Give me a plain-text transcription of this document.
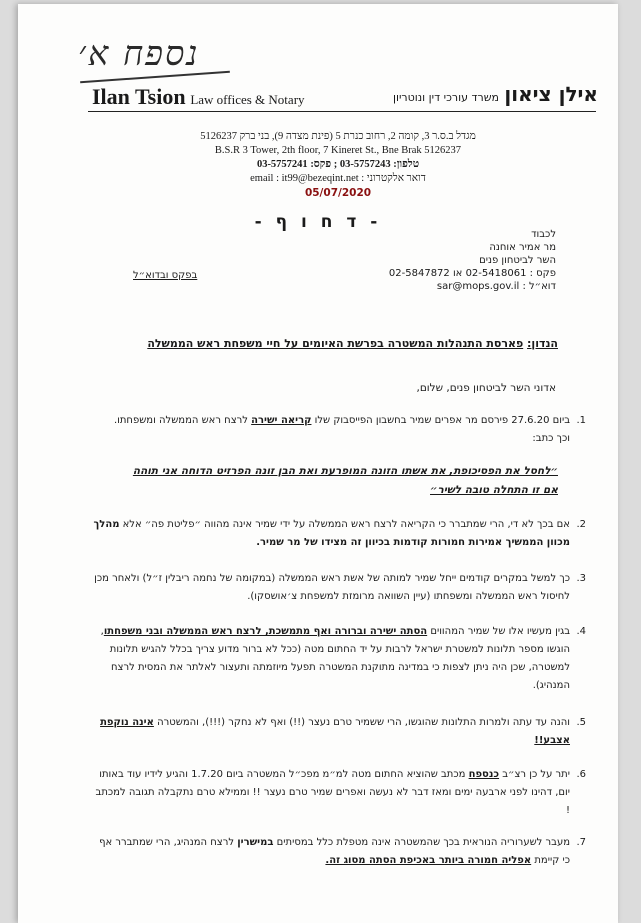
נספח א׳
Ilan Tsion Law offices & Notary	אילן ציאון משרד עורכי דין ונוטריון
מגדל ב.ס.ר 3, קומה 2, רחוב כנרת 5 (פינת מצדה 9), בני ברק 5126237
B.S.R 3 Tower, 2th floor, 7 Kineret St., Bne Brak 5126237
טלפון: 03-5757243 ; פקס: 03-5757241
email : it99@bezeqint.net : דואר אלקטרוני
05/07/2020
- ד ח ו ף -
לכבוד
מר אמיר אוחנה
השר לביטחון פנים
פקס : 02-5418061 או 02-5847872
דוא״ל : sar@mops.gov.il
בפקס ובדוא״ל
הנדון: פארסת התנהלות המשטרה בפרשת האיומים על חיי משפחת ראש הממשלה
אדוני השר לביטחון פנים, שלום,
1.
ביום 27.6.20 פירסם מר אפרים שמיר בחשבון הפייסבוק שלו קריאה ישירה לרצח ראש הממשלה ומשפחתו.
וכך כתב:
״לחסל את הפסיכופת, את אשתו הזונה המופרעת ואת הבן זונה הפרזיט הדוחה אני תוהה אם זו התחלה טובה לשיר״
2.
אם בכך לא די, הרי שמתברר כי הקריאה לרצח ראש הממשלה על ידי שמיר אינה מהווה ״פליטת פה״ אלא מהלך מכוון הממשיך אמירות חמורות קודמות בכיוון זה מצידו של מר שמיר.
3.
כך למשל במקרים קודמים ייחל שמיר למותה של אשת ראש הממשלה (במקומה של נחמה ריבלין ז״ל) ולאחר מכן לחיסול ראש הממשלה ומשפחתו (עיין השוואה מרומזת למשפחת צ׳אושסקו).
4.
בגין מעשיו אלו של שמיר המהווים הסתה ישירה וברורה ואף מתמשכת, לרצח ראש הממשלה ובני משפחתו, הוגשו מספר תלונות למשטרת ישראל לרבות על יד החתום מטה (ככל לא ברור מדוע צריך בכלל להגיש תלונות למשטרה, שכן היה ניתן לצפות כי במדינה מתוקנת המשטרה תפעל מיוזמתה ותעצור לאלתר את המסית לרצח המנהיג).
5.
והנה עד עתה ולמרות התלונות שהוגשו, הרי ששמיר טרם נעצר (!!) ואף לא נחקר (!!!), והמשטרה אינה נוקפת אצבע!!
6.
יתר על כן רצ״ב כנספח מכתב שהוציא החתום מטה למ״מ מפכ״ל המשטרה ביום 1.7.20 והגיע לידיו עוד באותו יום, דהינו לפני ארבעה ימים ומאז דבר לא נעשה ואפרים שמיר טרם נעצר !! וממילא טרם נתקבלה תגובה למכתב !
7.
מעבר לשערוריה הנוראית בכך שהמשטרה אינה מטפלת כלל במסיתים במישרין לרצח המנהיג, הרי שמתברר אף כי קיימת אפליה חמורה ביותר באכיפת הסתה מסוג זה.
